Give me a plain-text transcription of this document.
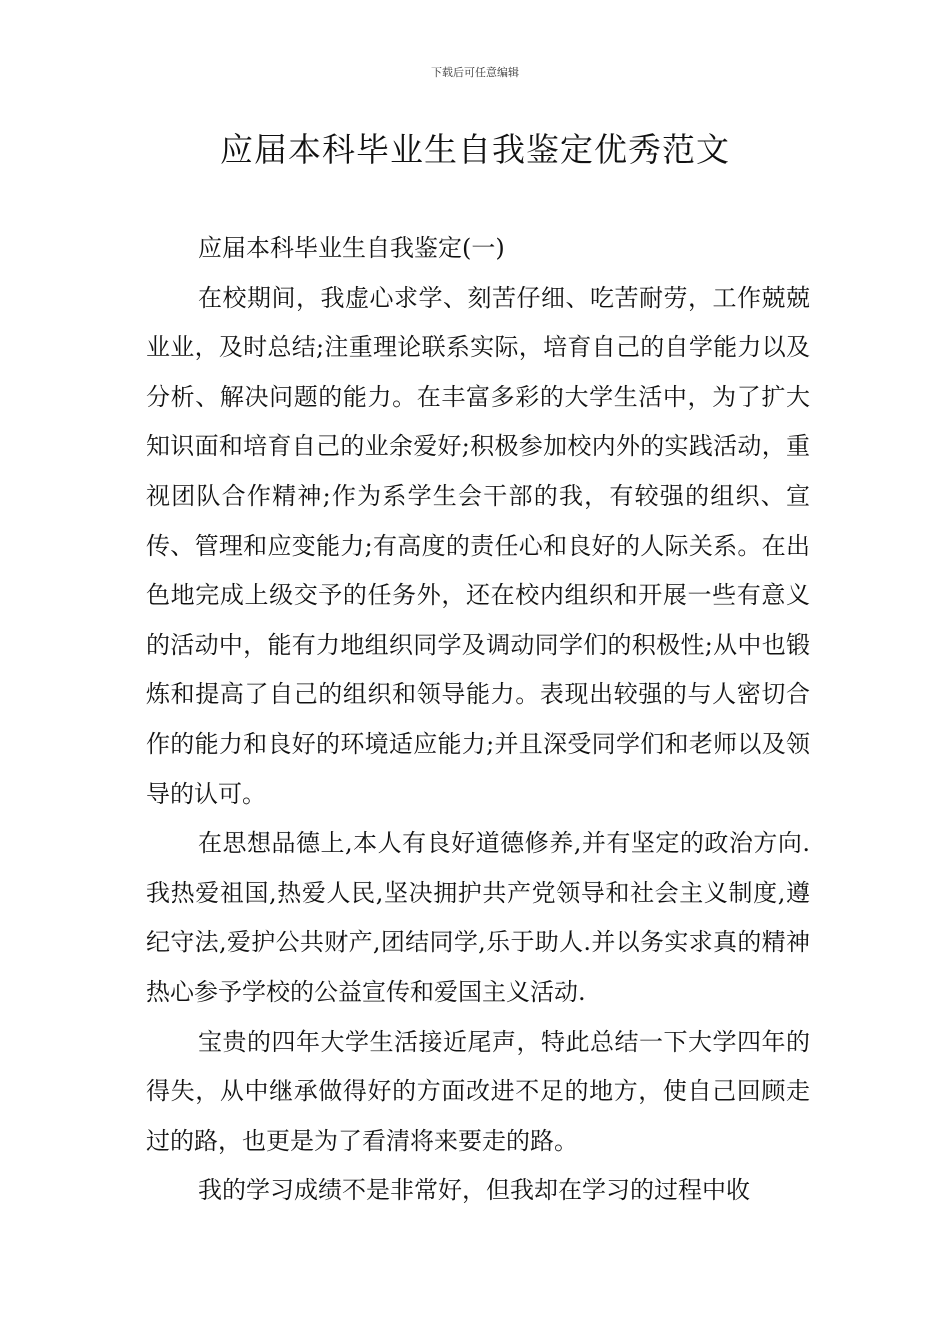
下载后可任意编辑
应届本科毕业生自我鉴定优秀范文

应届本科毕业生自我鉴定(一)

在校期间，我虚心求学、刻苦仔细、吃苦耐劳，工作兢兢业业，及时总结;注重理论联系实际，培育自己的自学能力以及分析、解决问题的能力。在丰富多彩的大学生活中，为了扩大知识面和培育自己的业余爱好;积极参加校内外的实践活动，重视团队合作精神;作为系学生会干部的我，有较强的组织、宣传、管理和应变能力;有高度的责任心和良好的人际关系。在出色地完成上级交予的任务外，还在校内组织和开展一些有意义的活动中，能有力地组织同学及调动同学们的积极性;从中也锻炼和提高了自己的组织和领导能力。表现出较强的与人密切合作的能力和良好的环境适应能力;并且深受同学们和老师以及领导的认可。

在思想品德上,本人有良好道德修养,并有坚定的政治方向.我热爱祖国,热爱人民,坚决拥护共产党领导和社会主义制度,遵纪守法,爱护公共财产,团结同学,乐于助人.并以务实求真的精神热心参予学校的公益宣传和爱国主义活动.

宝贵的四年大学生活接近尾声，特此总结一下大学四年的得失，从中继承做得好的方面改进不足的地方，使自己回顾走过的路，也更是为了看清将来要走的路。

我的学习成绩不是非常好，但我却在学习的过程中收
